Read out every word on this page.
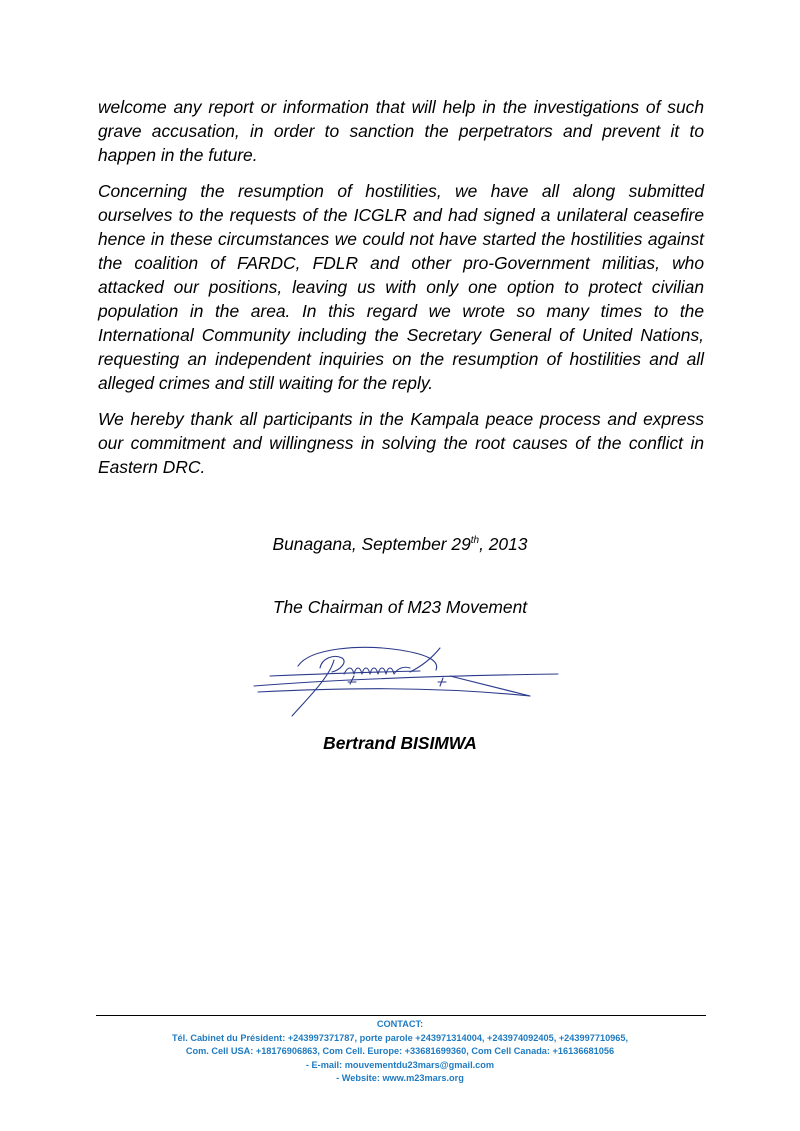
welcome any report or information that will help in the investigations of such grave accusation, in order to sanction the perpetrators and prevent it to happen in the future.

Concerning the resumption of hostilities, we have all along submitted ourselves to the requests of the ICGLR and had signed a unilateral ceasefire hence in these circumstances we could not have started the hostilities against the coalition of FARDC, FDLR and other pro-Government militias, who attacked our positions, leaving us with only one option to protect civilian population in the area. In this regard we wrote so many times to the International Community including the Secretary General of United Nations, requesting an independent inquiries on the resumption of hostilities and all alleged crimes and still waiting for the reply.

We hereby thank all participants in the Kampala peace process and express our commitment and willingness in solving the root causes of the conflict in Eastern DRC.

Bunagana, September 29th, 2013
The Chairman of M23 Movement
Bertrand BISIMWA
CONTACT:
Tél. Cabinet du Président: +243997371787, porte parole +243971314004, +243974092405, +243997710965,
Com. Cell USA: +18176906863, Com Cell. Europe: +33681699360, Com Cell Canada: +16136681056
- E-mail: mouvementdu23mars@gmail.com
- Website: www.m23mars.org
